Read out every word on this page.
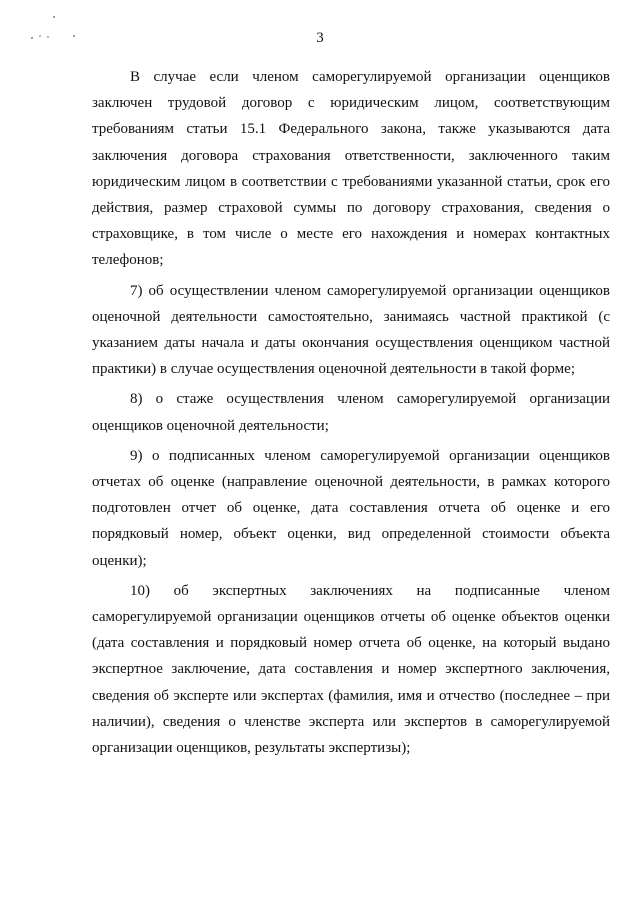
3

В случае если членом саморегулируемой организации оценщиков заключен трудовой договор с юридическим лицом, соответствующим требованиям статьи 15.1 Федерального закона, также указываются дата заключения договора страхования ответственности, заключенного таким юридическим лицом в соответствии с требованиями указанной статьи, срок его действия, размер страховой суммы по договору страхования, сведения о страховщике, в том числе о месте его нахождения и номерах контактных телефонов;

7) об осуществлении членом саморегулируемой организации оценщиков оценочной деятельности самостоятельно, занимаясь частной практикой (с указанием даты начала и даты окончания осуществления оценщиком частной практики) в случае осуществления оценочной деятельности в такой форме;

8) о стаже осуществления членом саморегулируемой организации оценщиков оценочной деятельности;

9) о подписанных членом саморегулируемой организации оценщиков отчетах об оценке (направление оценочной деятельности, в рамках которого подготовлен отчет об оценке, дата составления отчета об оценке и его порядковый номер, объект оценки, вид определенной стоимости объекта оценки);

10) об экспертных заключениях на подписанные членом саморегулируемой организации оценщиков отчеты об оценке объектов оценки (дата составления и порядковый номер отчета об оценке, на который выдано экспертное заключение, дата составления и номер экспертного заключения, сведения об эксперте или экспертах (фамилия, имя и отчество (последнее – при наличии), сведения о членстве эксперта или экспертов в саморегулируемой организации оценщиков, результаты экспертизы);
